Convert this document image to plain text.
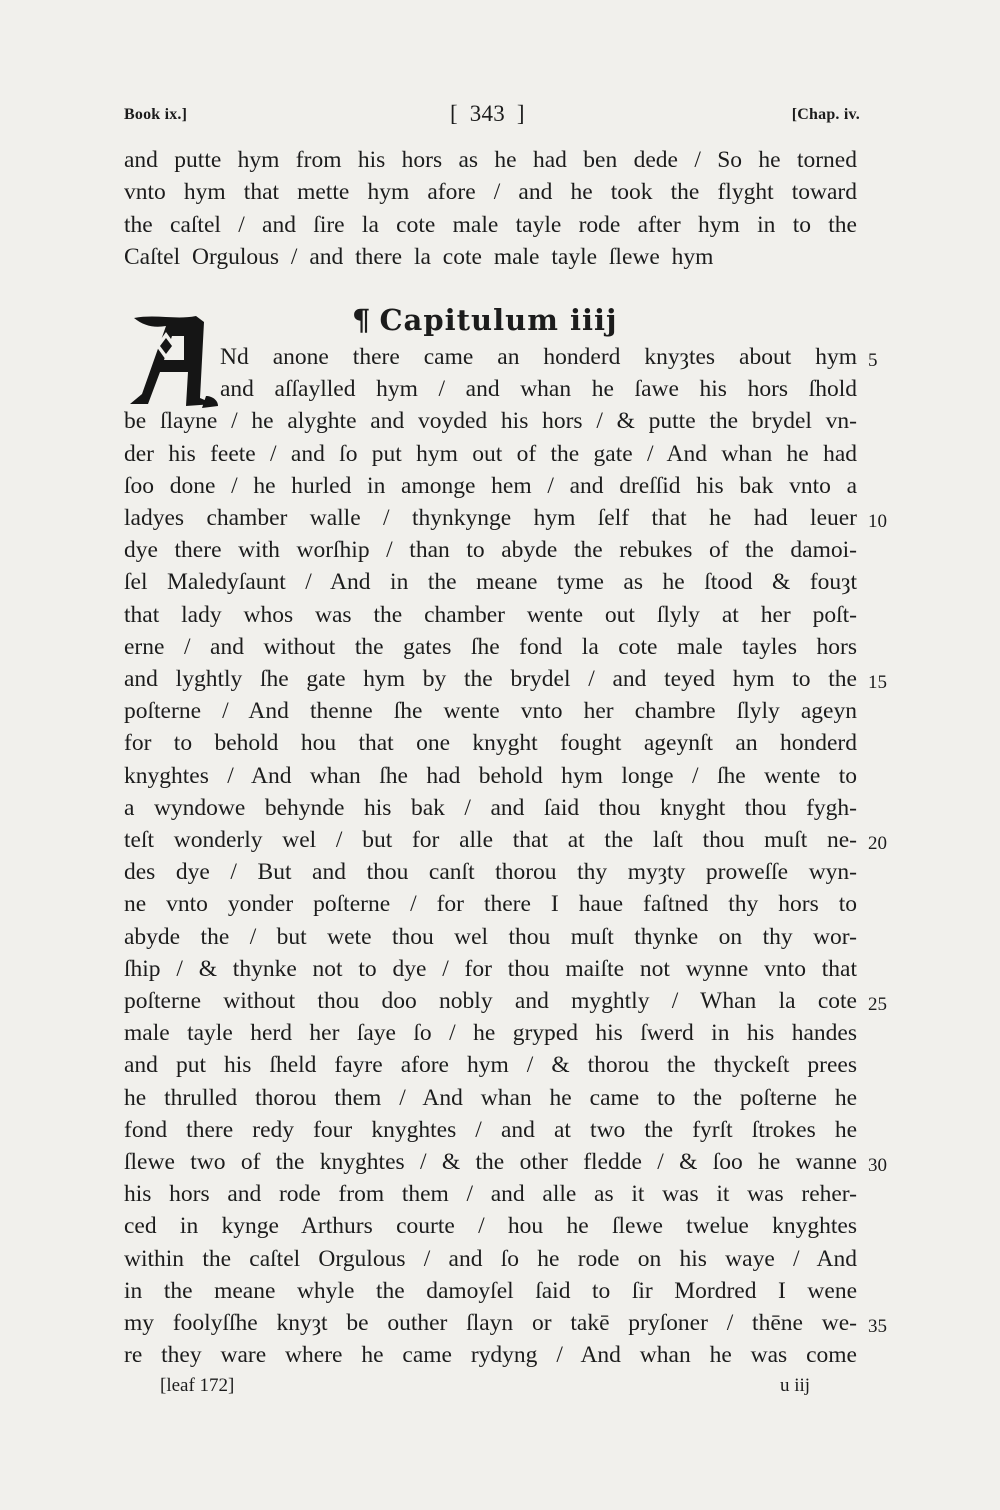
Book ix.]	[ 343 ]	[Chap. iv.
and putte hym from his hors as he had ben dede / So he torned
vnto hym that mette hym afore / and he took the flyght toward
the caſtel / and ſire la cote male tayle rode after hym in to the
Caſtel Orgulous / and there la cote male tayle ſlewe hym
¶ Capitulum iiij
Nd anone there came an honderd knyȝtes about hym
and aſſaylled hym / and whan he ſawe his hors ſhold
be ſlayne / he alyghte and voyded his hors / & putte the brydel vn-
der his feete / and ſo put hym out of the gate / And whan he had
ſoo done / he hurled in amonge hem / and dreſſid his bak vnto a
ladyes chamber walle / thynkynge hym ſelf that he had leuer
dye there with worſhip / than to abyde the rebukes of the damoi-
ſel Maledyſaunt / And in the meane tyme as he ſtood & fouȝt
that lady whos was the chamber wente out ſlyly at her poſt-
erne / and without the gates ſhe fond la cote male tayles hors
and lyghtly ſhe gate hym by the brydel / and teyed hym to the
poſterne / And thenne ſhe wente vnto her chambre ſlyly ageyn
for to behold hou that one knyght fought ageynſt an honderd
knyghtes / And whan ſhe had behold hym longe / ſhe wente to
a wyndowe behynde his bak / and ſaid thou knyght thou fygh-
teſt wonderly wel / but for alle that at the laſt thou muſt ne-
des dye / But and thou canſt thorou thy myȝty proweſſe wyn-
ne vnto yonder poſterne / for there I haue faſtned thy hors to
abyde the / but wete thou wel thou muſt thynke on thy wor-
ſhip / & thynke not to dye / for thou maiſte not wynne vnto that
poſterne without thou doo nobly and myghtly / Whan la cote
male tayle herd her ſaye ſo / he gryped his ſwerd in his handes
and put his ſheld fayre afore hym / & thorou the thyckeſt prees
he thrulled thorou them / And whan he came to the poſterne he
fond there redy four knyghtes / and at two the fyrſt ſtrokes he
ſlewe two of the knyghtes / & the other fledde / & ſoo he wanne
his hors and rode from them / and alle as it was it was reher-
ced in kynge Arthurs courte / hou he ſlewe twelue knyghtes
within the caſtel Orgulous / and ſo he rode on his waye / And
in the meane whyle the damoyſel ſaid to ſir Mordred I wene
my foolyſſhe knyȝt be outher ſlayn or takē pryſoner / thēne we-
re they ware where he came rydyng / And whan he was come
5
10
15
20
25
30
35
[leaf 172]	u iij
